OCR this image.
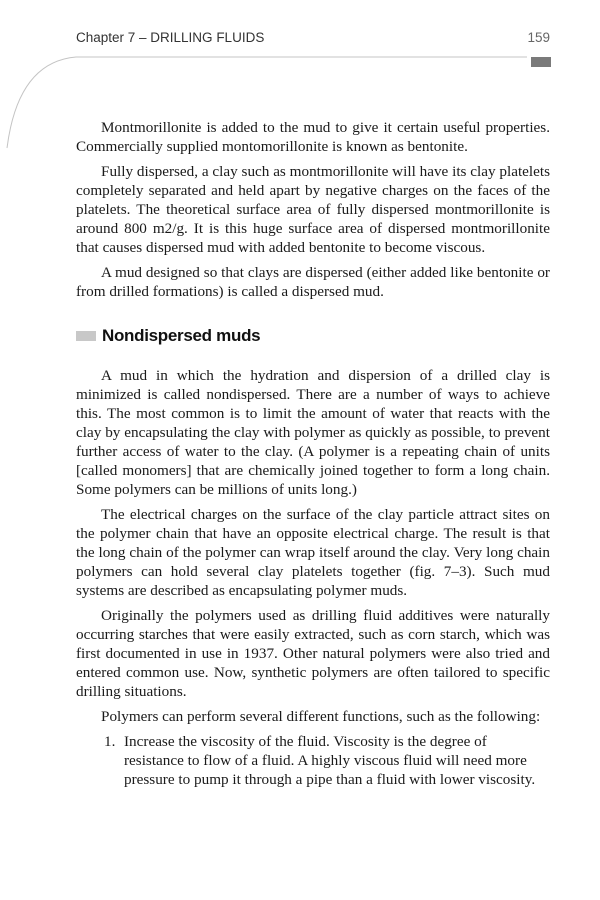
Chapter 7 – DRILLING FLUIDS	159

Montmorillonite is added to the mud to give it certain useful properties. Commercially supplied montomorillonite is known as bentonite.

Fully dispersed, a clay such as montmorillonite will have its clay platelets completely separated and held apart by negative charges on the faces of the platelets. The theoretical surface area of fully dispersed montmorillonite is around 800 m2/g. It is this huge surface area of dispersed montmorillonite that causes dispersed mud with added bentonite to become viscous.

A mud designed so that clays are dispersed (either added like bentonite or from drilled formations) is called a dispersed mud.

Nondispersed muds

A mud in which the hydration and dispersion of a drilled clay is minimized is called nondispersed. There are a number of ways to achieve this. The most common is to limit the amount of water that reacts with the clay by encapsulating the clay with polymer as quickly as possible, to prevent further access of water to the clay. (A polymer is a repeating chain of units [called monomers] that are chemically joined together to form a long chain. Some polymers can be millions of units long.)

The electrical charges on the surface of the clay particle attract sites on the polymer chain that have an opposite electrical charge. The result is that the long chain of the polymer can wrap itself around the clay. Very long chain polymers can hold several clay platelets together (fig. 7–3). Such mud systems are described as encapsulating polymer muds.

Originally the polymers used as drilling fluid additives were naturally occurring starches that were easily extracted, such as corn starch, which was first documented in use in 1937. Other natural polymers were also tried and entered common use. Now, synthetic polymers are often tailored to specific drilling situations.

Polymers can perform several different functions, such as the following:

1. Increase the viscosity of the fluid. Viscosity is the degree of resistance to flow of a fluid. A highly viscous fluid will need more pressure to pump it through a pipe than a fluid with lower viscosity.
